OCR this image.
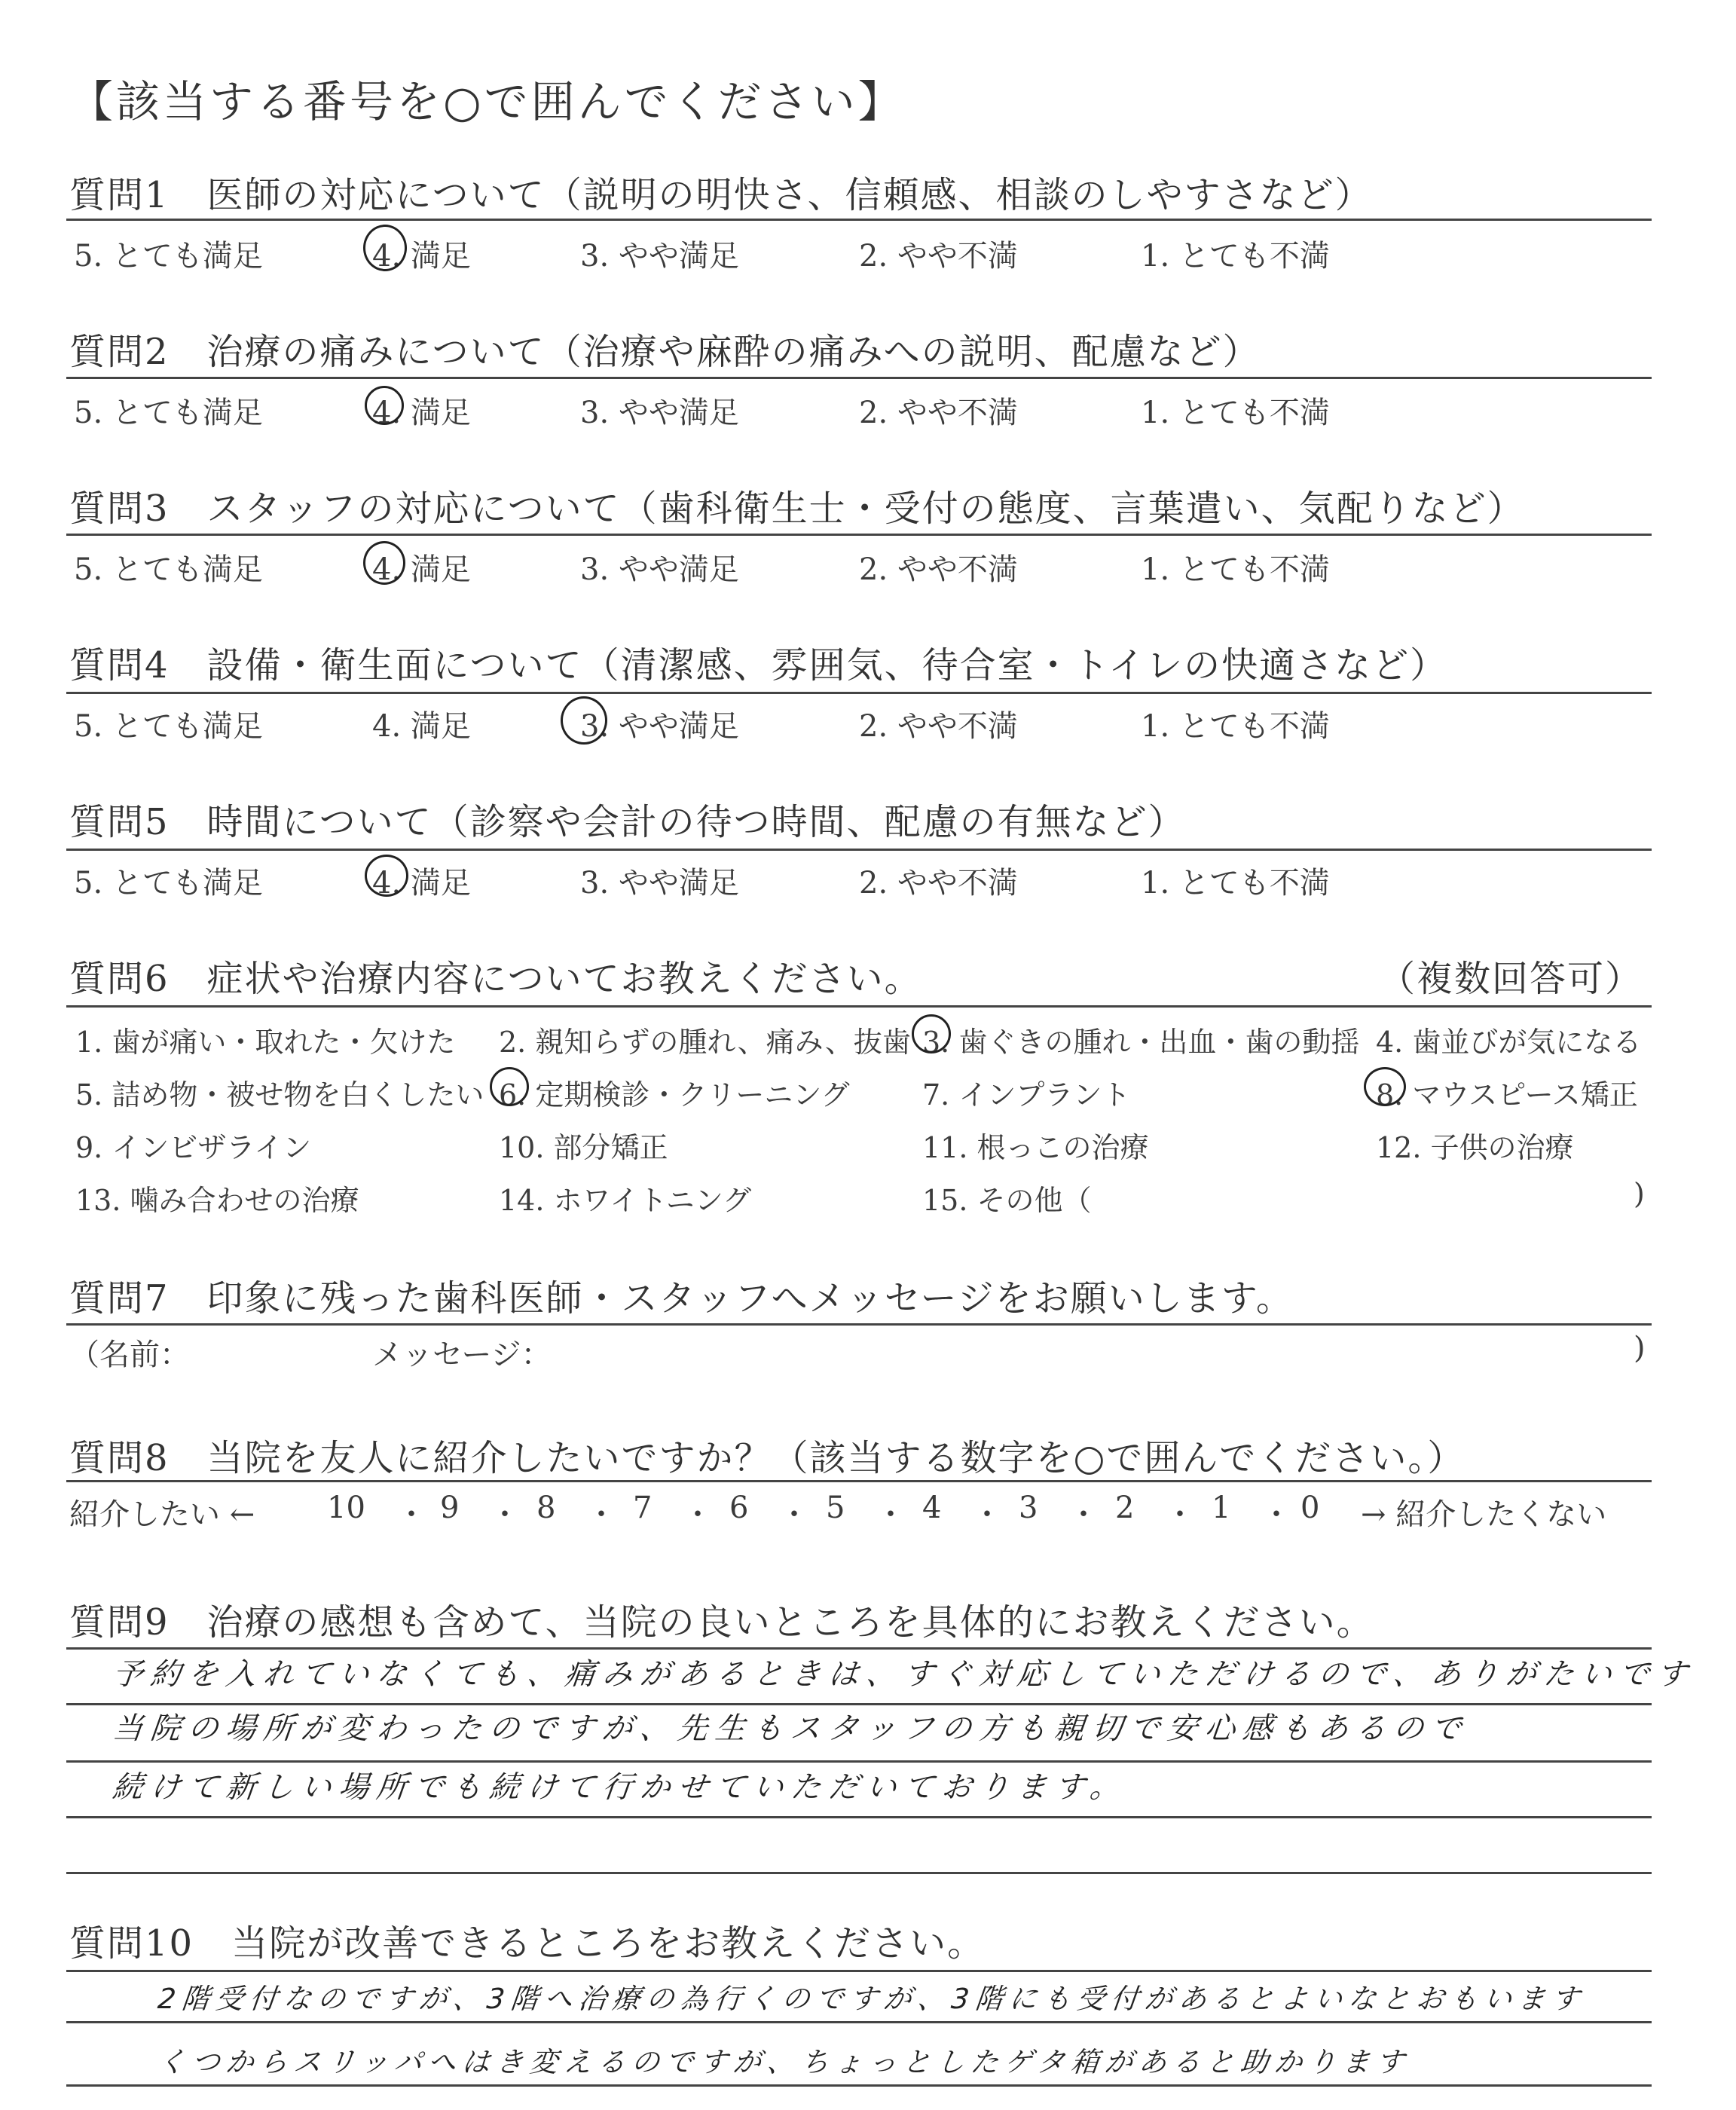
【該当する番号を○で囲んでください】
質問1　医師の対応について（説明の明快さ、信頼感、相談のしやすさなど）
5. とても満足	4. 満足	3. やや満足	2. やや不満	1. とても不満
質問2　治療の痛みについて（治療や麻酔の痛みへの説明、配慮など）
5. とても満足	4. 満足	3. やや満足	2. やや不満	1. とても不満
質問3　スタッフの対応について（歯科衛生士・受付の態度、言葉遣い、気配りなど）
5. とても満足	4. 満足	3. やや満足	2. やや不満	1. とても不満
質問4　設備・衛生面について（清潔感、雰囲気、待合室・トイレの快適さなど）
5. とても満足	4. 満足	3. やや満足	2. やや不満	1. とても不満
質問5　時間について（診察や会計の待つ時間、配慮の有無など）
5. とても満足	4. 満足	3. やや満足	2. やや不満	1. とても不満
質問6　症状や治療内容についてお教えください。	（複数回答可）
1. 歯が痛い・取れた・欠けた 2. 親知らずの腫れ、痛み、抜歯 3. 歯ぐきの腫れ・出血・歯の動揺 4. 歯並びが気になる
5. 詰め物・被せ物を白くしたい 6. 定期検診・クリーニング	7. インプラント	8. マウスピース矯正
9. インビザライン	10. 部分矯正	11. 根っこの治療	12. 子供の治療
13. 噛み合わせの治療	14. ホワイトニング	15. その他（	)
質問7　印象に残った歯科医師・スタッフへメッセージをお願いします。
（名前：	メッセージ：	)
質問8　当院を友人に紹介したいですか？（該当する数字を○で囲んでください。）
紹介したい ←	→ 紹介したくない
10 ・ 9 ・ 8 ・ 7 ・ 6 ・ 5 ・ 4 ・ 3 ・ 2 ・ 1 ・ 0
質問9　治療の感想も含めて、当院の良いところを具体的にお教えください。
予約を入れていなくても、痛みがあるときは、すぐ対応していただけるので、ありがたいです
当院の場所が変わったのですが、先生もスタッフの方も親切で安心感もあるので
続けて新しい場所でも続けて行かせていただいております。
質問10　当院が改善できるところをお教えください。
2階受付なのですが、3階へ治療の為行くのですが、3階にも受付があるとよいなとおもいます
くつからスリッパへはき変えるのですが、ちょっとしたゲタ箱があると助かります
